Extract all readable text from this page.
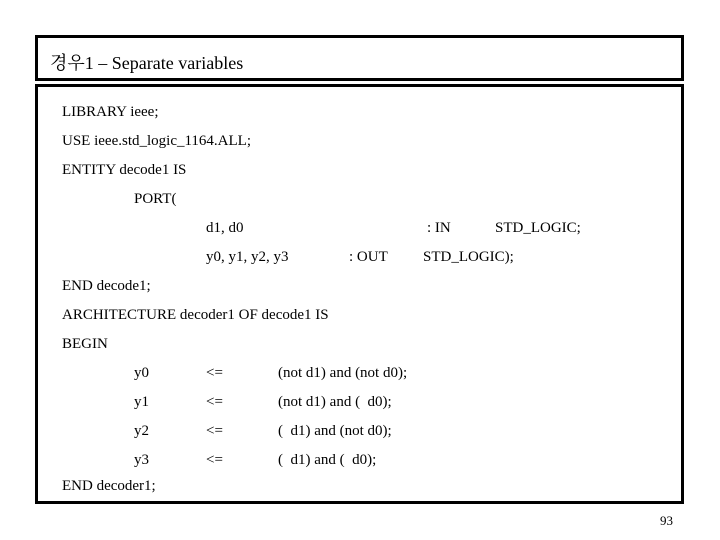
경우1 – Separate variables
LIBRARY ieee;
USE ieee.std_logic_1164.ALL;
ENTITY decode1 IS
PORT(
d1, d0	: IN	STD_LOGIC;
y0, y1, y2, y3	: OUT STD_LOGIC);
END decode1;
ARCHITECTURE decoder1 OF decode1 IS
BEGIN
y0	<=	(not d1) and (not d0);
y1	<=	(not d1) and (  d0);
y2	<=	(  d1) and (not d0);
y3	<=	(  d1) and (  d0);
END decoder1;
93
